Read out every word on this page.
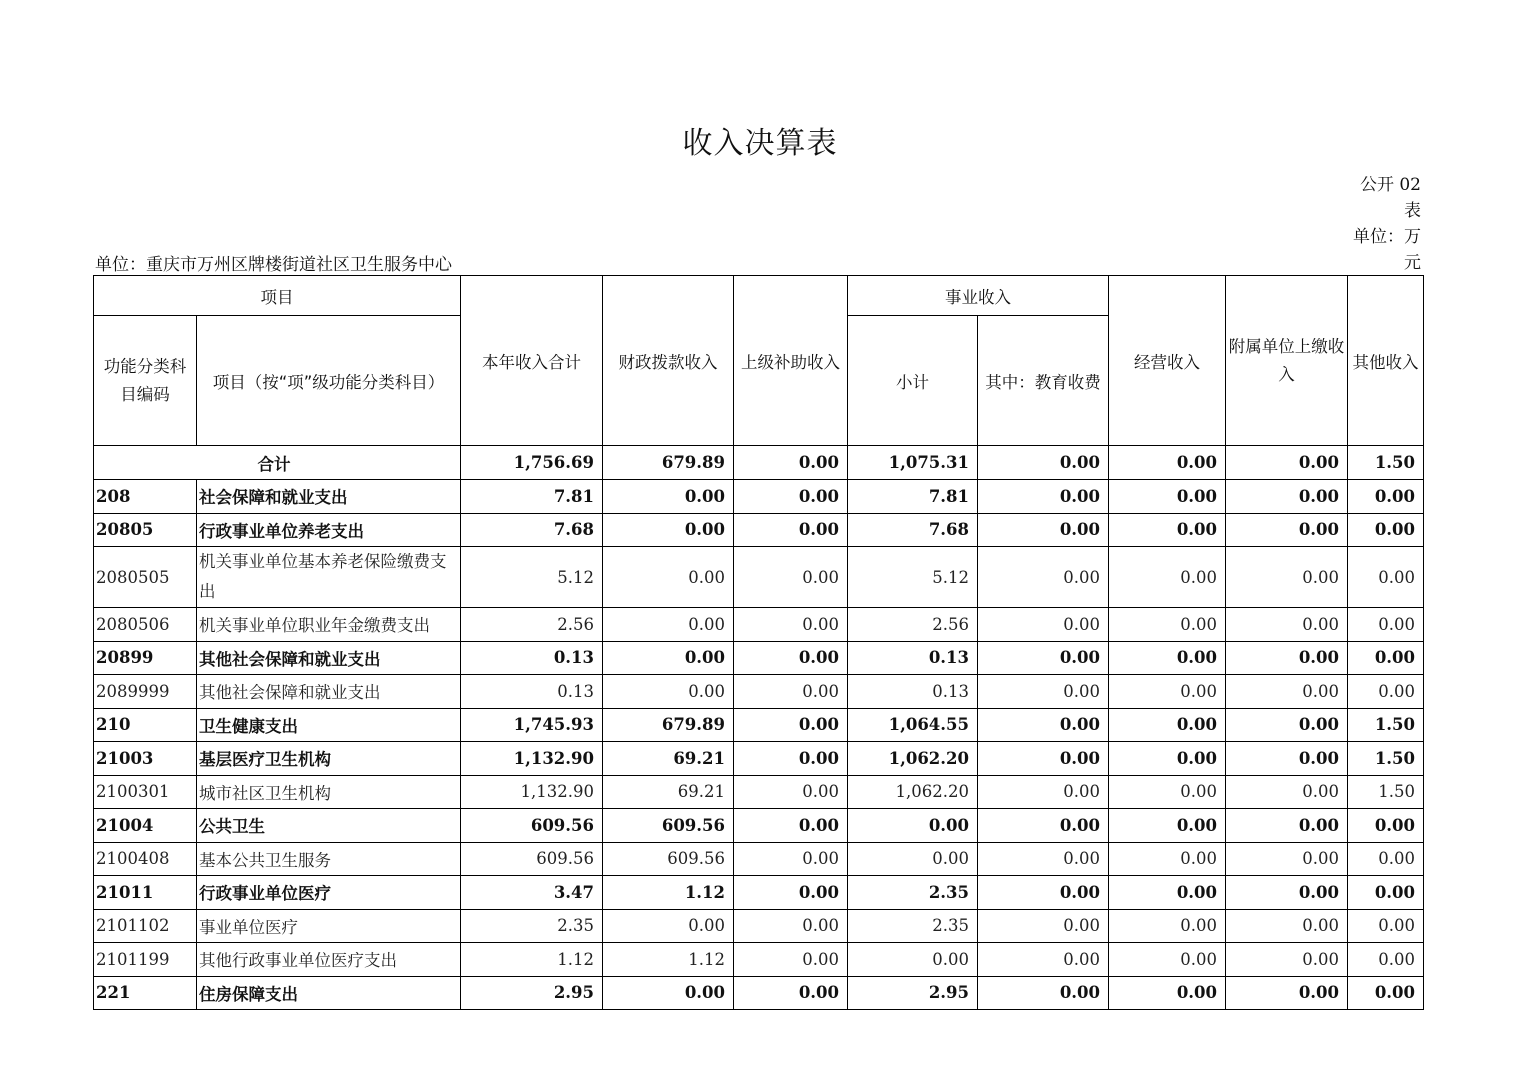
收入决算表
公开 02
表
单位：万
元
单位：重庆市万州区牌楼街道社区卫生服务中心
项目		本年收入合计	财政拨款收入	上级补助收入	事业收入		经营收入	附属单位上缴收入	其他收入
功能分类科目编码	项目（按“项”级功能分类科目）				小计	其中：教育收费			
合计		1,756.69	679.89	0.00	1,075.31	0.00	0.00	0.00	1.50
208	社会保障和就业支出	7.81	0.00	0.00	7.81	0.00	0.00	0.00	0.00
20805	行政事业单位养老支出	7.68	0.00	0.00	7.68	0.00	0.00	0.00	0.00
2080505	机关事业单位基本养老保险缴费支出	5.12	0.00	0.00	5.12	0.00	0.00	0.00	0.00
2080506	机关事业单位职业年金缴费支出	2.56	0.00	0.00	2.56	0.00	0.00	0.00	0.00
20899	其他社会保障和就业支出	0.13	0.00	0.00	0.13	0.00	0.00	0.00	0.00
2089999	其他社会保障和就业支出	0.13	0.00	0.00	0.13	0.00	0.00	0.00	0.00
210	卫生健康支出	1,745.93	679.89	0.00	1,064.55	0.00	0.00	0.00	1.50
21003	基层医疗卫生机构	1,132.90	69.21	0.00	1,062.20	0.00	0.00	0.00	1.50
2100301	城市社区卫生机构	1,132.90	69.21	0.00	1,062.20	0.00	0.00	0.00	1.50
21004	公共卫生	609.56	609.56	0.00	0.00	0.00	0.00	0.00	0.00
2100408	基本公共卫生服务	609.56	609.56	0.00	0.00	0.00	0.00	0.00	0.00
21011	行政事业单位医疗	3.47	1.12	0.00	2.35	0.00	0.00	0.00	0.00
2101102	事业单位医疗	2.35	0.00	0.00	2.35	0.00	0.00	0.00	0.00
2101199	其他行政事业单位医疗支出	1.12	1.12	0.00	0.00	0.00	0.00	0.00	0.00
221	住房保障支出	2.95	0.00	0.00	2.95	0.00	0.00	0.00	0.00
